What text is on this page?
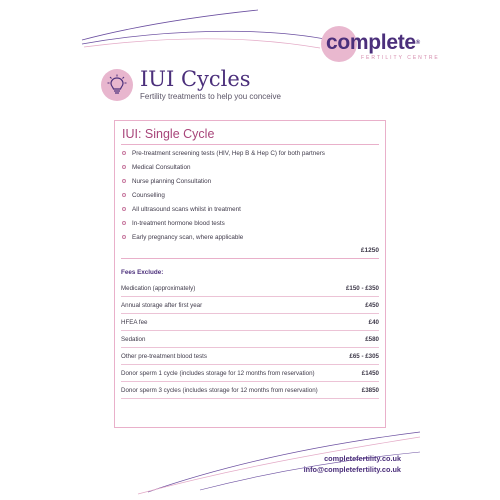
complete®
FERTILITY CENTRE
IUI Cycles
Fertility treatments to help you conceive
IUI: Single Cycle
Pre-treatment screening tests (HIV, Hep B & Hep C) for both partners
Medical Consultation
Nurse planning Consultation
Counselling
All ultrasound scans whilst in treatment
In-treatment hormone blood tests
Early pregnancy scan, where applicable
£1250
Fees Exclude:
Medication (approximately)	£150 - £350
Annual storage after first year	£450
HFEA fee	£40
Sedation	£580
Other pre-treatment blood tests	£65 - £305
Donor sperm 1 cycle (includes storage for 12 months from reservation)	£1450
Donor sperm 3 cycles (includes storage for 12 months from reservation)	£3850
completefertility.co.uk
info@completefertility.co.uk
